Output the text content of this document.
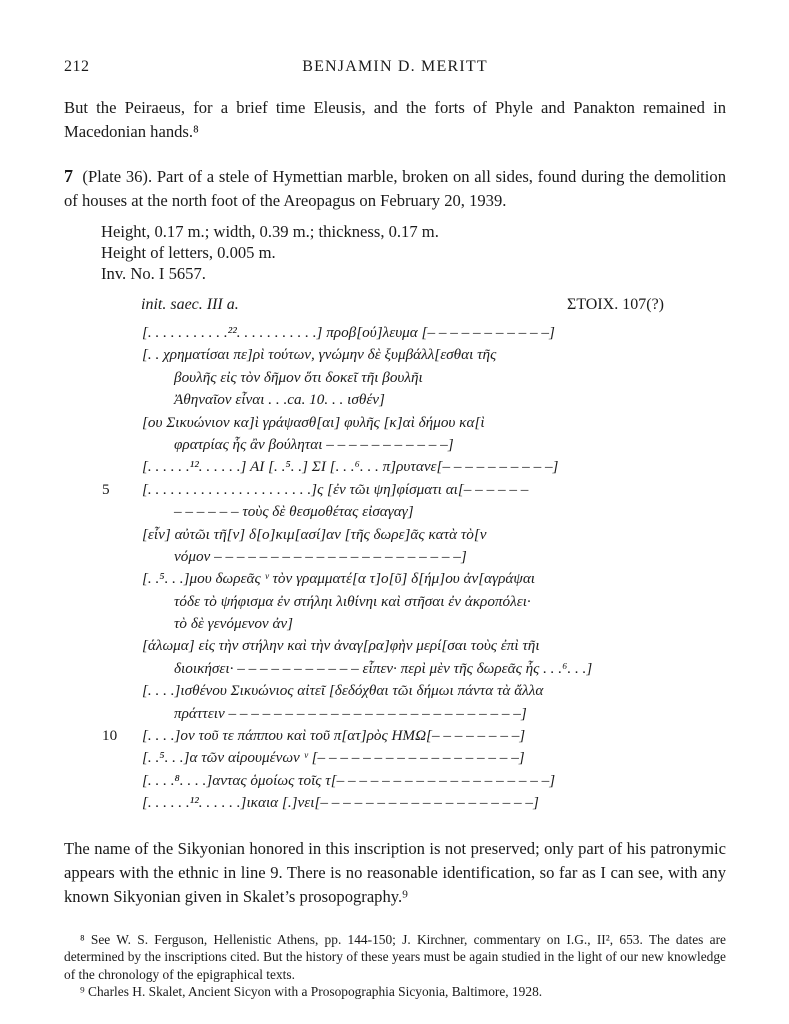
212	BENJAMIN D. MERITT

But the Peiraeus, for a brief time Eleusis, and the forts of Phyle and Panakton remained in Macedonian hands.⁸

7 (Plate 36). Part of a stele of Hymettian marble, broken on all sides, found during the demolition of houses at the north foot of the Areopagus on February 20, 1939.

Height, 0.17 m.; width, 0.39 m.; thickness, 0.17 m.
Height of letters, 0.005 m.
Inv. No. I 5657.
init. saec. III a.	ΣΤΟΙΧ. 107(?)
[. . . . . . . . . . .²². . . . . . . . . . .] προβ[ού]λευμα [– – – – – – – – – – –]
[. . χρηματίσαι πε]ρὶ τούτων, γνώμην δὲ ξυμβάλλ[εσθαι τῆς
βουλῆς εἰς τὸν δῆμον ὅτι δοκεῖ τῆι βουλῆι
Ἀθηναῖον εἶναι . . .ca. 10. . . ισθέν]
[ου Σικυώνιον κα]ὶ γράψασθ[αι] φυλῆς [κ]αὶ δήμου κα[ὶ
φρατρίας ἧς ἂν βούληται – – – – – – – – – – –]
[. . . . . .¹². . . . . .] ΑΙ [. .⁵. .] ΣΙ [. . .⁶. . . π]ρυτανε[– – – – – – – – – –]
5 [. . . . . . . . . . . . . . . . . . . . . .]ς [ἐν τῶι ψη]φίσματι αι[– – – – – –
– – – – – – τοὺς δὲ θεσμοθέτας εἰσαγαγ]
[εἶν] αὐτῶι τῆ[ν] δ[ο]κιμ[ασί]αν [τῆς δωρε]ᾶς κατὰ τὸ[ν
νόμον – – – – – – – – – – – – – – – – – – – – – –]
[. .⁵. . .]μου δωρεᾶς ᵛ τὸν γραμματέ[α τ]ο[ῦ] δ[ήμ]ου ἀν[αγράψαι
τόδε τὸ ψήφισμα ἐν στήληι λιθίνηι καὶ στῆσαι ἐν ἀκροπόλει·
τὸ δὲ γενόμενον ἀν]
[άλωμα] εἰς τὴν στήλην καὶ τὴν ἀναγ[ρα]φὴν μερί[σαι τοὺς ἐπὶ τῆι
διοικήσει· – – – – – – – – – – – εἶπεν· περὶ μὲν τῆς δωρεᾶς ἧς . . .⁶. . .]
[. . . .]ισθένου Σικυώνιος αἰτεῖ [δεδόχθαι τῶι δήμωι πάντα τὰ ἄλλα
πράττειν – – – – – – – – – – – – – – – – – – – – – – – – – –]
10 [. . . .]ον τοῦ τε πάππου καὶ τοῦ π[ατ]ρὸς ΗΜΩ[– – – – – – – –]
[. .⁵. . .]α τῶν αἱρουμένων ᵛ [– – – – – – – – – – – – – – – – – –]
[. . . .⁸. . . .]αντας ὁμοίως τοῖς τ[– – – – – – – – – – – – – – – – – – –]
[. . . . . .¹². . . . . .]ικαια [.]νει[– – – – – – – – – – – – – – – – – – –]

The name of the Sikyonian honored in this inscription is not preserved; only part of his patronymic appears with the ethnic in line 9. There is no reasonable identification, so far as I can see, with any known Sikyonian given in Skalet’s prosopography.⁹

⁸ See W. S. Ferguson, Hellenistic Athens, pp. 144-150; J. Kirchner, commentary on I.G., II², 653. The dates are determined by the inscriptions cited. But the history of these years must be again studied in the light of our new knowledge of the chronology of the epigraphical texts.

⁹ Charles H. Skalet, Ancient Sicyon with a Prosopographia Sicyonia, Baltimore, 1928.
